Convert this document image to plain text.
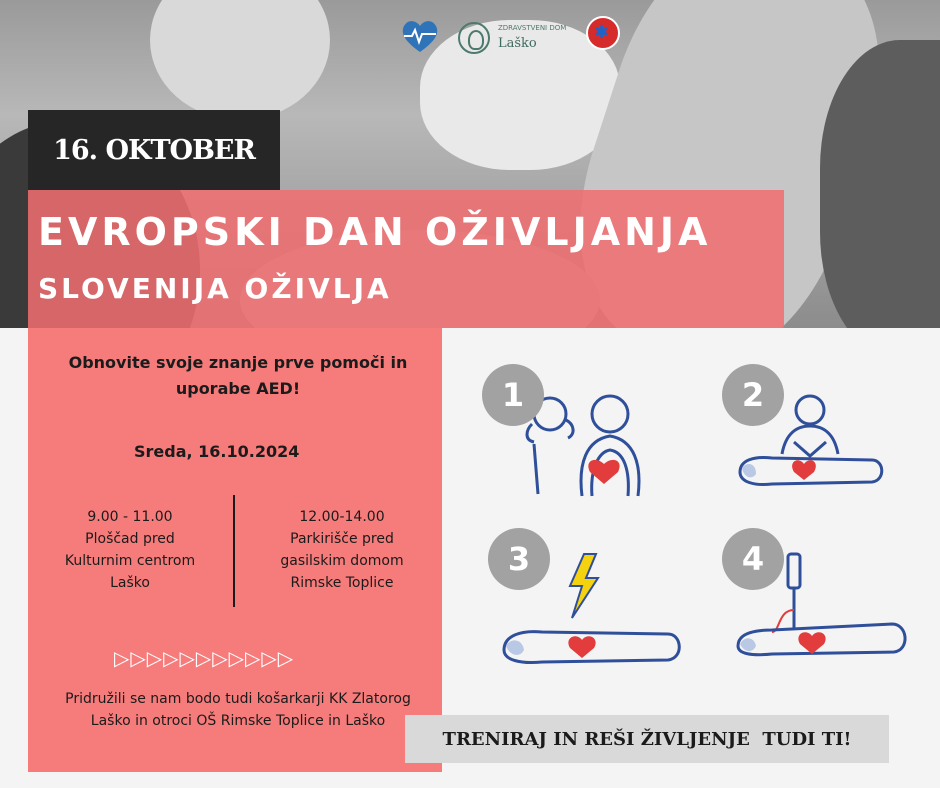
ZDRAVSTVENI DOM
Laško
✱
16. OKTOBER
EVROPSKI DAN OŽIVLJANJA
SLOVENIJA OŽIVLJA
Obnovite svoje znanje prve pomoči in uporabe AED!
Sreda, 16.10.2024
9.00 - 11.00
Ploščad pred
Kulturnim centrom
Laško
12.00-14.00
Parkirišče pred
gasilskim domom
Rimske Toplice
▷▷▷▷▷▷▷▷▷▷▷
Pridružili se nam bodo tudi košarkarji KK Zlatorog Laško in otroci OŠ Rimske Toplice in Laško
1	2
3	4
TRENIRAJ IN REŠI ŽIVLJENJE  TUDI TI!
